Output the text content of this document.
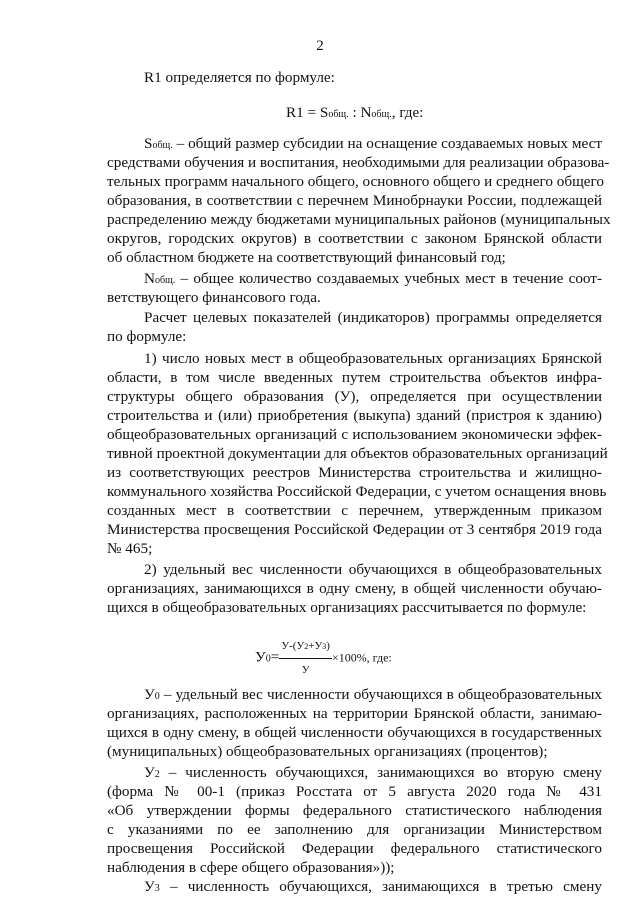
2
R1 определяется по формуле:
R1 = Sобщ. : Nобщ., где:
Sобщ. – общий размер субсидии на оснащение создаваемых новых мест
средствами обучения и воспитания, необходимыми для реализации образова-
тельных программ начального общего, основного общего и среднего общего
образования, в соответствии с перечнем Минобрнауки России, подлежащей
распределению между бюджетами муниципальных районов (муниципальных
округов, городских округов) в соответствии с законом Брянской области
об областном бюджете на соответствующий финансовый год;
Nобщ. – общее количество создаваемых учебных мест в течение соот-
ветствующего финансового года.
Расчет целевых показателей (индикаторов) программы определяется
по формуле:
1) число новых мест в общеобразовательных организациях Брянской
области, в том числе введенных путем строительства объектов инфра-
структуры общего образования (У), определяется при осуществлении
строительства и (или) приобретения (выкупа) зданий (пристроя к зданию)
общеобразовательных организаций с использованием экономически эффек-
тивной проектной документации для объектов образовательных организаций
из соответствующих реестров Министерства строительства и жилищно-
коммунального хозяйства Российской Федерации, с учетом оснащения вновь
созданных мест в соответствии с перечнем, утвержденным приказом
Министерства просвещения Российской Федерации от 3 сентября 2019 года
№ 465;
2) удельный вес численности обучающихся в общеобразовательных
организациях, занимающихся в одну смену, в общей численности обучаю-
щихся в общеобразовательных организациях рассчитывается по формуле:
$У0= \frac{У-(У2+У3)}{У} \times 100\%$, где:
У0 – удельный вес численности обучающихся в общеобразовательных
организациях, расположенных на территории Брянской области, занимаю-
щихся в одну смену, в общей численности обучающихся в государственных
(муниципальных) общеобразовательных организациях (процентов);
У2 – численность обучающихся, занимающихся во вторую смену
(форма № 00-1 (приказ Росстата от 5 августа 2020 года № 431
«Об утверждении формы федерального статистического наблюдения
с указаниями по ее заполнению для организации Министерством
просвещения Российской Федерации федерального статистического
наблюдения в сфере общего образования»));
У3 – численность обучающихся, занимающихся в третью смену
